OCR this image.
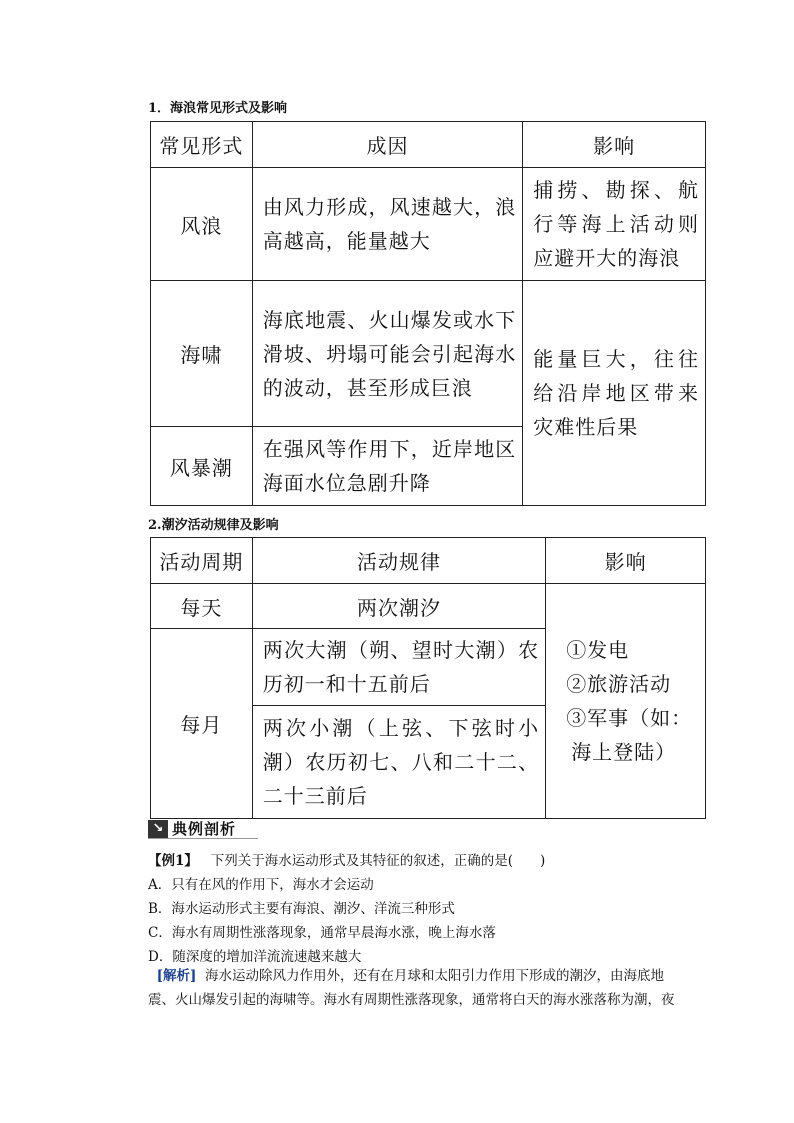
1．海浪常见形式及影响
常见形式	成因	影响
风浪	由风力形成，风速越大，浪高越高，能量越大	捕捞、勘探、航行等海上活动则应避开大的海浪

海啸	海底地震、火山爆发或水下滑坡、坍塌可能会引起海水的波动，甚至形成巨浪	能量巨大，往往给沿岸地区带来灾难性后果

风暴潮	在强风等作用下，近岸地区海面水位急剧升降	
2.潮汐活动规律及影响
活动周期	活动规律	影响
每天	两次潮汐	①发电
②旅游活动
③军事（如：
海上登陆）

每月	两次大潮（朔、望时大潮）农历初一和十五前后	

	两次小潮（上弦、下弦时小潮）农历初七、八和二十二、二十三前后	
↘ 典例剖析
【例1】 下列关于海水运动形式及其特征的叙述，正确的是(　　)
A．只有在风的作用下，海水才会运动
B．海水运动形式主要有海浪、潮汐、洋流三种形式
C．海水有周期性涨落现象，通常早晨海水涨，晚上海水落
D．随深度的增加洋流流速越来越大
[解析] 海水运动除风力作用外，还有在月球和太阳引力作用下形成的潮汐，由海底地震、火山爆发引起的海啸等。海水有周期性涨落现象，通常将白天的海水涨落称为潮，夜
